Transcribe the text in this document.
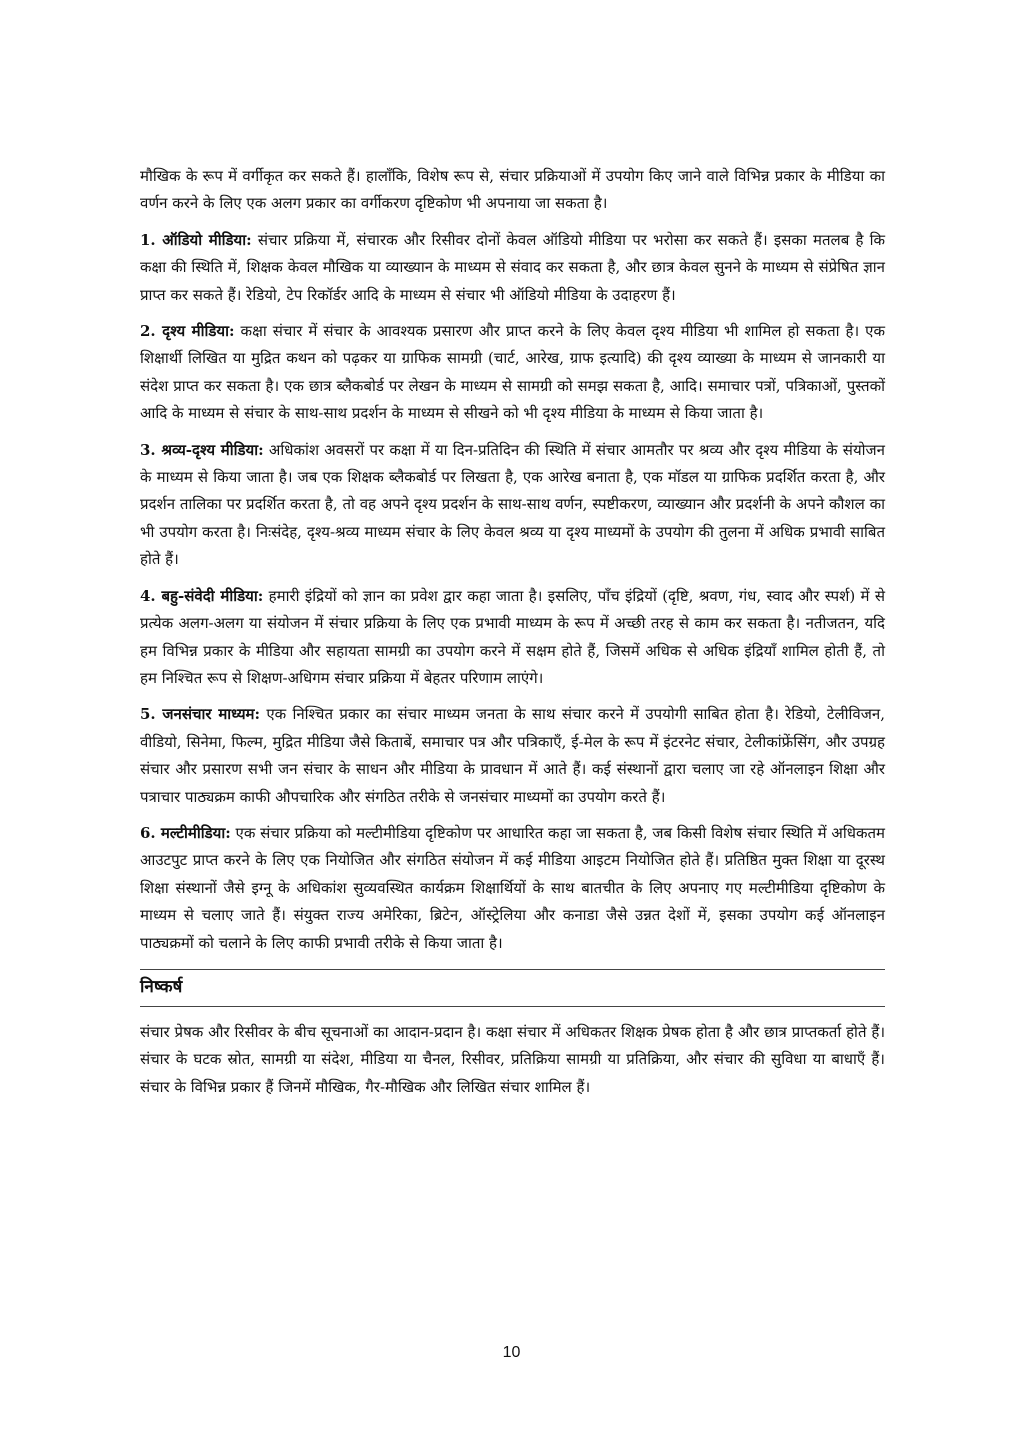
मौखिक के रूप में वर्गीकृत कर सकते हैं। हालाँकि, विशेष रूप से, संचार प्रक्रियाओं में उपयोग किए जाने वाले विभिन्न प्रकार के मीडिया का वर्णन करने के लिए एक अलग प्रकार का वर्गीकरण दृष्टिकोण भी अपनाया जा सकता है।

1. ऑडियो मीडिया: संचार प्रक्रिया में, संचारक और रिसीवर दोनों केवल ऑडियो मीडिया पर भरोसा कर सकते हैं। इसका मतलब है कि कक्षा की स्थिति में, शिक्षक केवल मौखिक या व्याख्यान के माध्यम से संवाद कर सकता है, और छात्र केवल सुनने के माध्यम से संप्रेषित ज्ञान प्राप्त कर सकते हैं। रेडियो, टेप रिकॉर्डर आदि के माध्यम से संचार भी ऑडियो मीडिया के उदाहरण हैं।

2. दृश्य मीडिया: कक्षा संचार में संचार के आवश्यक प्रसारण और प्राप्त करने के लिए केवल दृश्य मीडिया भी शामिल हो सकता है। एक शिक्षार्थी लिखित या मुद्रित कथन को पढ़कर या ग्राफिक सामग्री (चार्ट, आरेख, ग्राफ इत्यादि) की दृश्य व्याख्या के माध्यम से जानकारी या संदेश प्राप्त कर सकता है। एक छात्र ब्लैकबोर्ड पर लेखन के माध्यम से सामग्री को समझ सकता है, आदि। समाचार पत्रों, पत्रिकाओं, पुस्तकों आदि के माध्यम से संचार के साथ-साथ प्रदर्शन के माध्यम से सीखने को भी दृश्य मीडिया के माध्यम से किया जाता है।

3. श्रव्य-दृश्य मीडिया: अधिकांश अवसरों पर कक्षा में या दिन-प्रतिदिन की स्थिति में संचार आमतौर पर श्रव्य और दृश्य मीडिया के संयोजन के माध्यम से किया जाता है। जब एक शिक्षक ब्लैकबोर्ड पर लिखता है, एक आरेख बनाता है, एक मॉडल या ग्राफिक प्रदर्शित करता है, और प्रदर्शन तालिका पर प्रदर्शित करता है, तो वह अपने दृश्य प्रदर्शन के साथ-साथ वर्णन, स्पष्टीकरण, व्याख्यान और प्रदर्शनी के अपने कौशल का भी उपयोग करता है। निःसंदेह, दृश्य-श्रव्य माध्यम संचार के लिए केवल श्रव्य या दृश्य माध्यमों के उपयोग की तुलना में अधिक प्रभावी साबित होते हैं।

4. बहु-संवेदी मीडिया: हमारी इंद्रियों को ज्ञान का प्रवेश द्वार कहा जाता है। इसलिए, पाँच इंद्रियों (दृष्टि, श्रवण, गंध, स्वाद और स्पर्श) में से प्रत्येक अलग-अलग या संयोजन में संचार प्रक्रिया के लिए एक प्रभावी माध्यम के रूप में अच्छी तरह से काम कर सकता है। नतीजतन, यदि हम विभिन्न प्रकार के मीडिया और सहायता सामग्री का उपयोग करने में सक्षम होते हैं, जिसमें अधिक से अधिक इंद्रियाँ शामिल होती हैं, तो हम निश्चित रूप से शिक्षण-अधिगम संचार प्रक्रिया में बेहतर परिणाम लाएंगे।

5. जनसंचार माध्यम: एक निश्चित प्रकार का संचार माध्यम जनता के साथ संचार करने में उपयोगी साबित होता है। रेडियो, टेलीविजन, वीडियो, सिनेमा, फिल्म, मुद्रित मीडिया जैसे किताबें, समाचार पत्र और पत्रिकाएँ, ई-मेल के रूप में इंटरनेट संचार, टेलीकांफ्रेंसिंग, और उपग्रह संचार और प्रसारण सभी जन संचार के साधन और मीडिया के प्रावधान में आते हैं। कई संस्थानों द्वारा चलाए जा रहे ऑनलाइन शिक्षा और पत्राचार पाठ्यक्रम काफी औपचारिक और संगठित तरीके से जनसंचार माध्यमों का उपयोग करते हैं।

6. मल्टीमीडिया: एक संचार प्रक्रिया को मल्टीमीडिया दृष्टिकोण पर आधारित कहा जा सकता है, जब किसी विशेष संचार स्थिति में अधिकतम आउटपुट प्राप्त करने के लिए एक नियोजित और संगठित संयोजन में कई मीडिया आइटम नियोजित होते हैं। प्रतिष्ठित मुक्त शिक्षा या दूरस्थ शिक्षा संस्थानों जैसे इग्नू के अधिकांश सुव्यवस्थित कार्यक्रम शिक्षार्थियों के साथ बातचीत के लिए अपनाए गए मल्टीमीडिया दृष्टिकोण के माध्यम से चलाए जाते हैं। संयुक्त राज्य अमेरिका, ब्रिटेन, ऑस्ट्रेलिया और कनाडा जैसे उन्नत देशों में, इसका उपयोग कई ऑनलाइन पाठ्यक्रमों को चलाने के लिए काफी प्रभावी तरीके से किया जाता है।

निष्कर्ष

संचार प्रेषक और रिसीवर के बीच सूचनाओं का आदान-प्रदान है। कक्षा संचार में अधिकतर शिक्षक प्रेषक होता है और छात्र प्राप्तकर्ता होते हैं। संचार के घटक स्रोत, सामग्री या संदेश, मीडिया या चैनल, रिसीवर, प्रतिक्रिया सामग्री या प्रतिक्रिया, और संचार की सुविधा या बाधाएँ हैं। संचार के विभिन्न प्रकार हैं जिनमें मौखिक, गैर-मौखिक और लिखित संचार शामिल हैं।

10
